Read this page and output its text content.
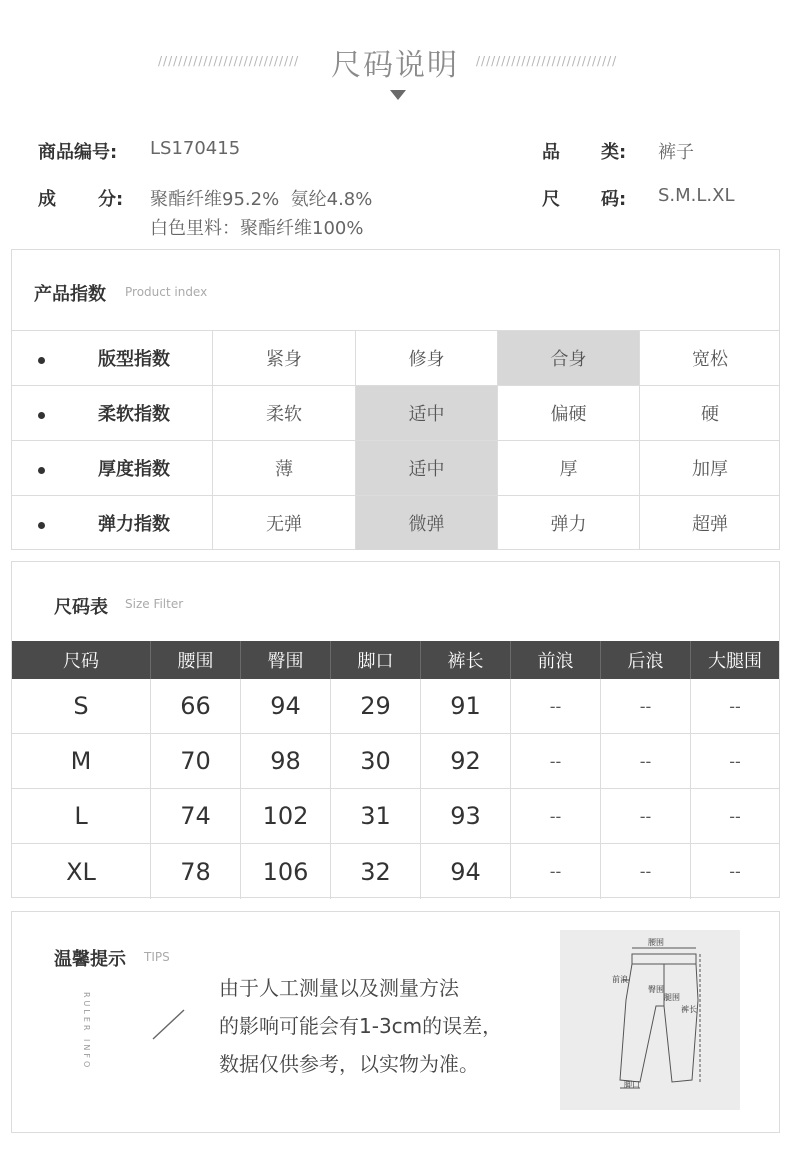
////////////////////////////	尺码说明	////////////////////////////
商品编号: LS170415	品 类: 裤子
成 分: 聚酯纤维95.2%  氨纶4.8%
白色里料：聚酯纤维100%
尺 码: S.M.L.XL
产品指数 Product index
版型指数	紧身	修身	合身	宽松
柔软指数	柔软	适中	偏硬	硬
厚度指数	薄	适中	厚	加厚
弹力指数	无弹	微弹	弹力	超弹
尺码表 Size Filter
尺码	腰围	臀围	脚口	裤长	前浪	后浪	大腿围
S	66	94	29	91	--	--	--
M	70	98	30	92	--	--	--
L	74	102	31	93	--	--	--
XL	78	106	32	94	--	--	--
温馨提示 TIPS
RULER INFO
由于人工测量以及测量方法
的影响可能会有1-3cm的误差，
数据仅供参考，以实物为准。
腰围
前浪
臀围
腿围
裤长
脚口
